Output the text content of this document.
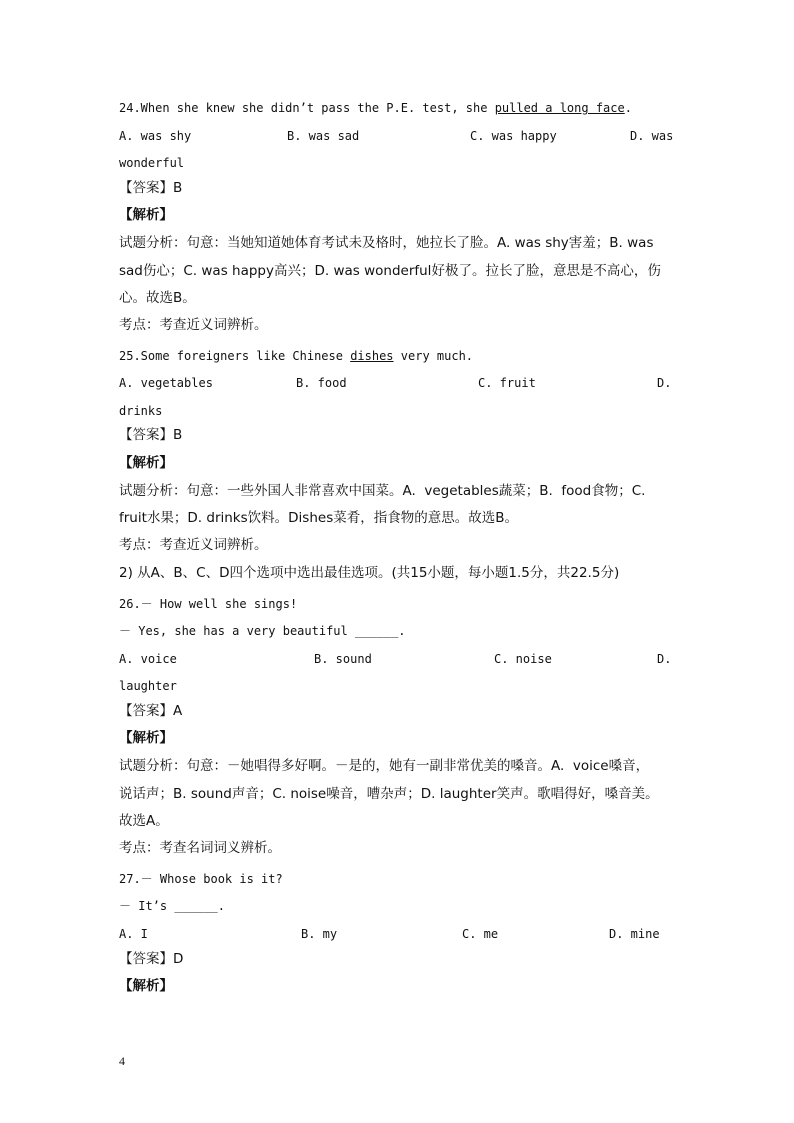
24.When she knew she didn’t pass the P.E. test, she pulled a long face.
A. was shy	B. was sad	C. was happy	D. was
wonderful
【答案】B
【解析】
试题分析：句意：当她知道她体育考试未及格时，她拉长了脸。A. was shy害羞；B. was
sad伤心；C. was happy高兴；D. was wonderful好极了。拉长了脸，意思是不高心，伤
心。故选B。
考点：考查近义词辨析。
25.Some foreigners like Chinese dishes very much.
A. vegetables	B. food	C. fruit	D.
drinks
【答案】B
【解析】
试题分析：句意：一些外国人非常喜欢中国菜。A.  vegetables蔬菜；B.  food食物；C.
fruit水果；D. drinks饮料。Dishes菜肴，指食物的意思。故选B。
考点：考查近义词辨析。
2) 从A、B、C、D四个选项中选出最佳选项。(共15小题，每小题1.5分，共22.5分)
26.－ How well she sings!
－ Yes, she has a very beautiful ______.
A. voice	B. sound	C. noise	D.
laughter
【答案】A
【解析】
试题分析：句意：－她唱得多好啊。－是的，她有一副非常优美的嗓音。A.  voice嗓音，
说话声；B. sound声音；C. noise噪音，嘈杂声；D. laughter笑声。歌唱得好，嗓音美。
故选A。
考点：考查名词词义辨析。
27.－ Whose book is it?
－ It’s ______.
A. I	B. my	C. me	D. mine
【答案】D
【解析】
4
